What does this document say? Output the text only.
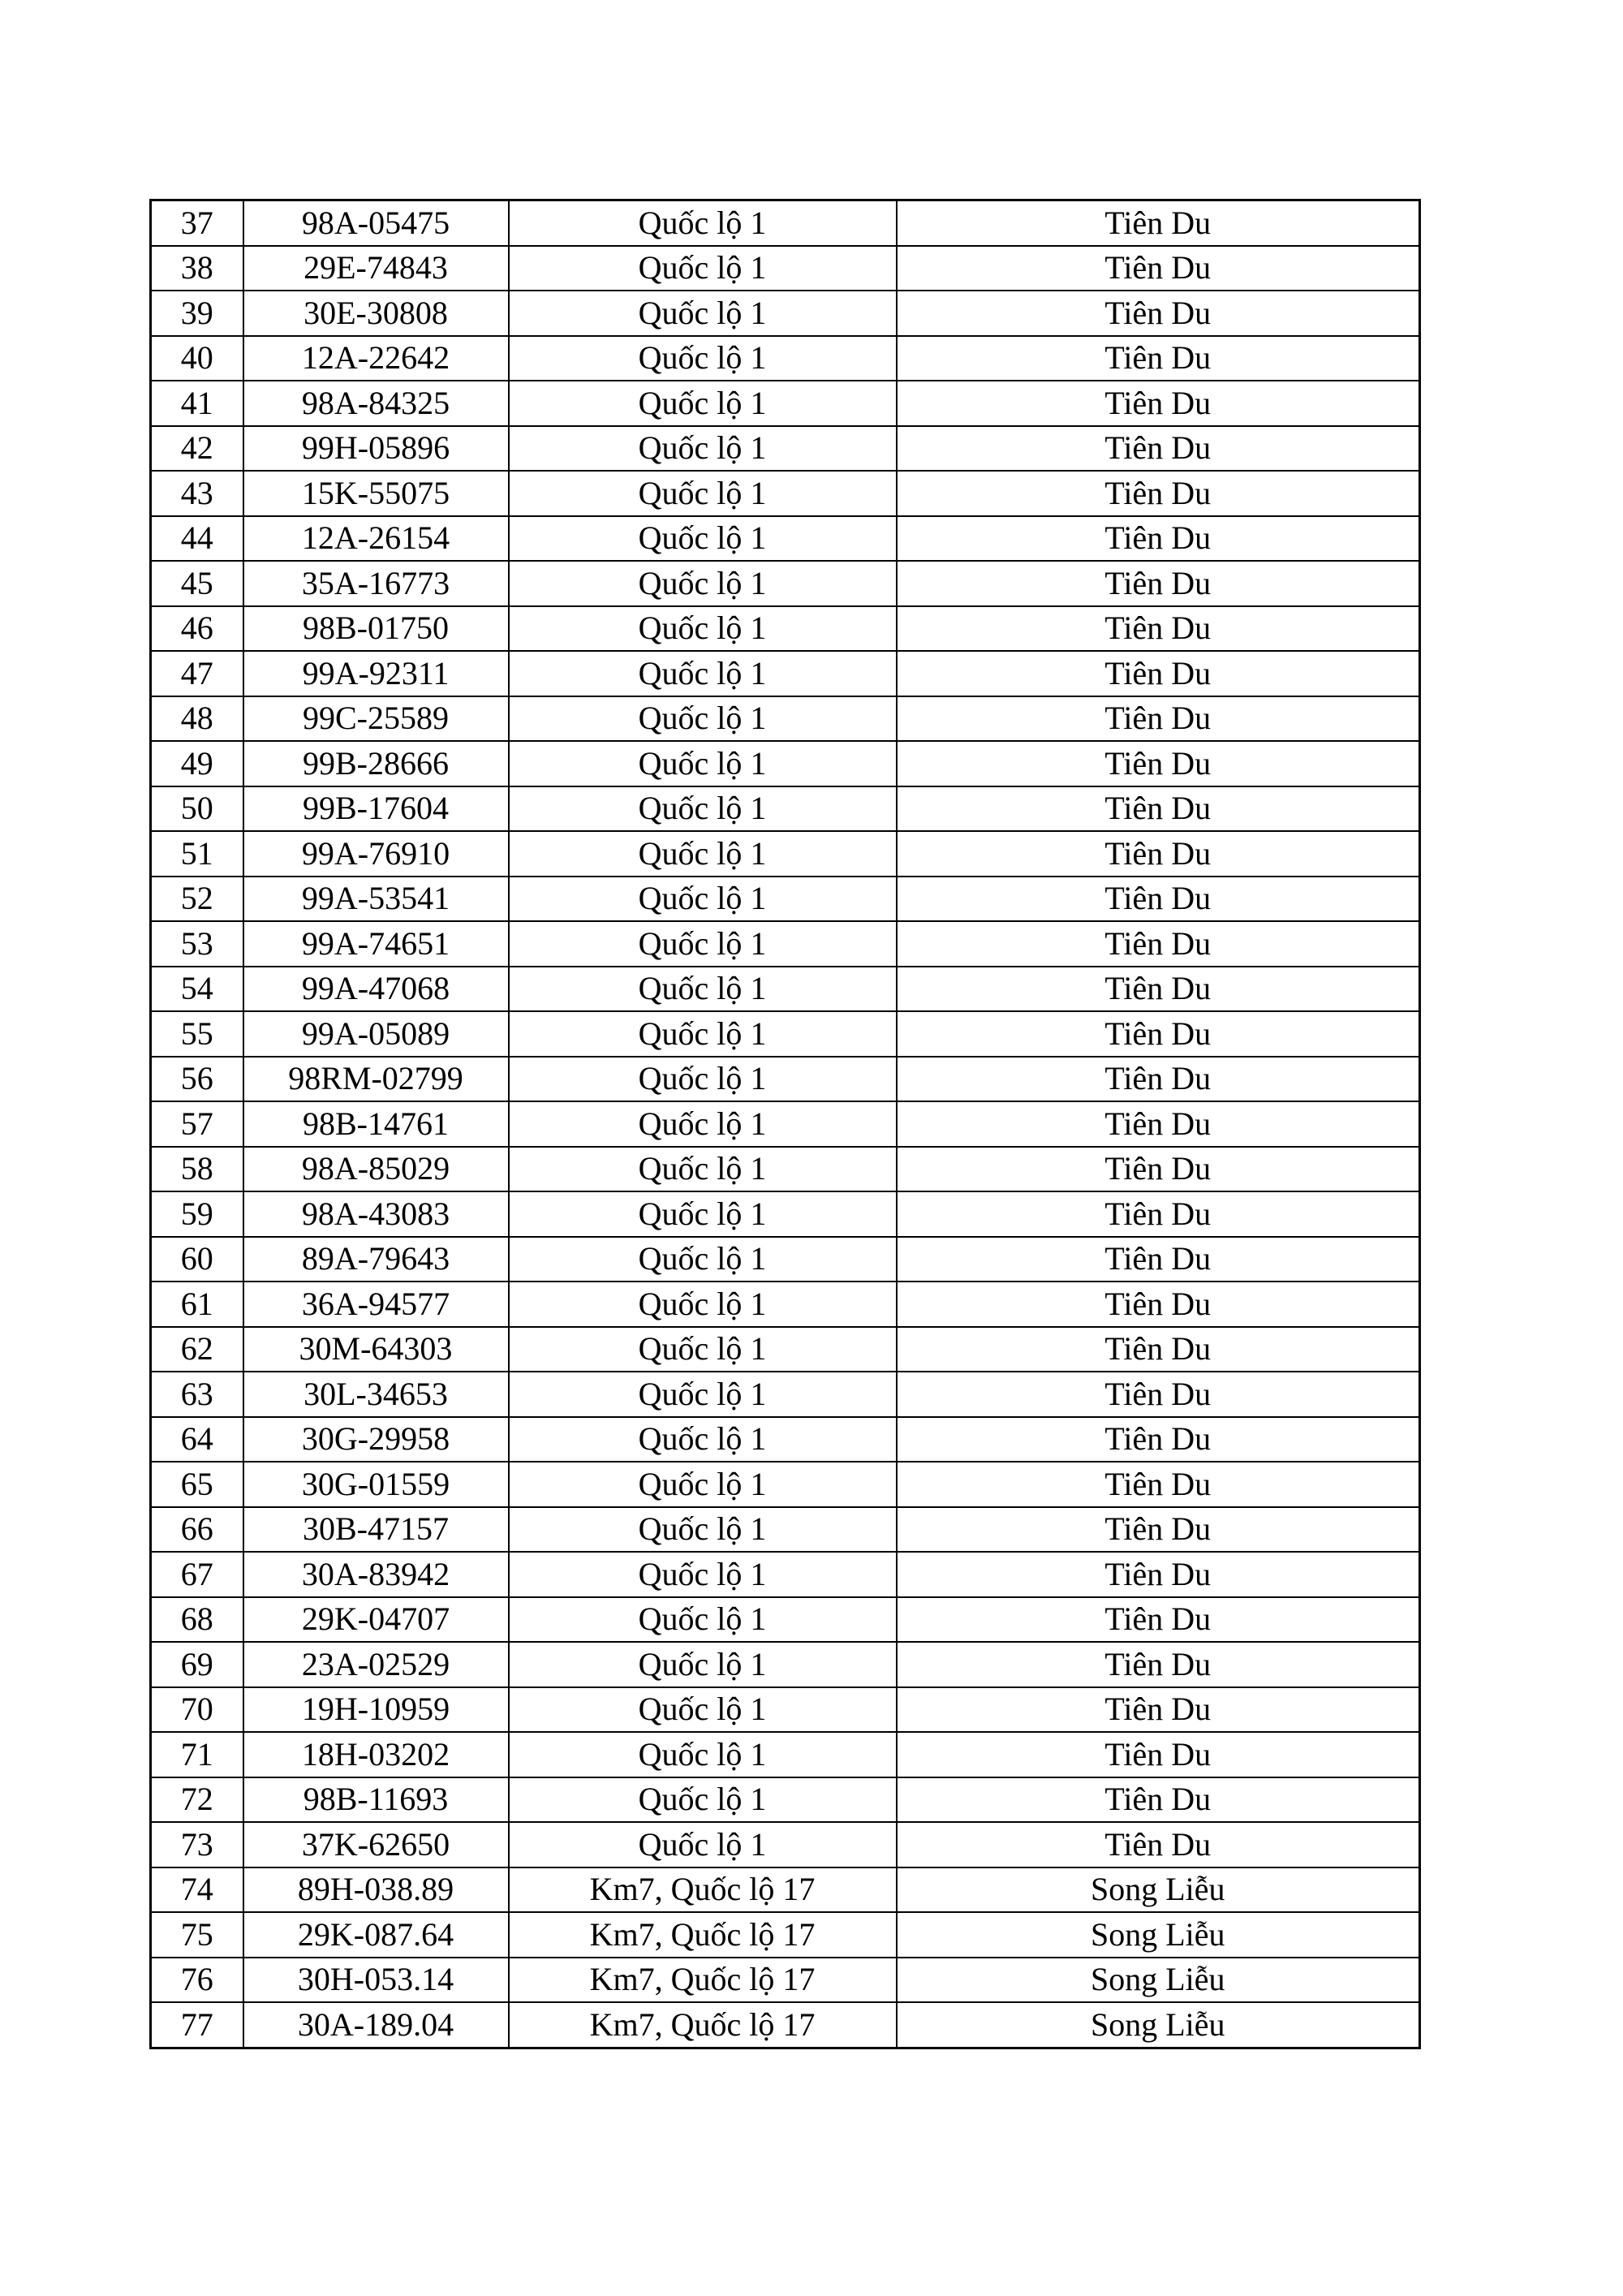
37	98A-05475	Quốc lộ 1	Tiên Du
38	29E-74843	Quốc lộ 1	Tiên Du
39	30E-30808	Quốc lộ 1	Tiên Du
40	12A-22642	Quốc lộ 1	Tiên Du
41	98A-84325	Quốc lộ 1	Tiên Du
42	99H-05896	Quốc lộ 1	Tiên Du
43	15K-55075	Quốc lộ 1	Tiên Du
44	12A-26154	Quốc lộ 1	Tiên Du
45	35A-16773	Quốc lộ 1	Tiên Du
46	98B-01750	Quốc lộ 1	Tiên Du
47	99A-92311	Quốc lộ 1	Tiên Du
48	99C-25589	Quốc lộ 1	Tiên Du
49	99B-28666	Quốc lộ 1	Tiên Du
50	99B-17604	Quốc lộ 1	Tiên Du
51	99A-76910	Quốc lộ 1	Tiên Du
52	99A-53541	Quốc lộ 1	Tiên Du
53	99A-74651	Quốc lộ 1	Tiên Du
54	99A-47068	Quốc lộ 1	Tiên Du
55	99A-05089	Quốc lộ 1	Tiên Du
56	98RM-02799	Quốc lộ 1	Tiên Du
57	98B-14761	Quốc lộ 1	Tiên Du
58	98A-85029	Quốc lộ 1	Tiên Du
59	98A-43083	Quốc lộ 1	Tiên Du
60	89A-79643	Quốc lộ 1	Tiên Du
61	36A-94577	Quốc lộ 1	Tiên Du
62	30M-64303	Quốc lộ 1	Tiên Du
63	30L-34653	Quốc lộ 1	Tiên Du
64	30G-29958	Quốc lộ 1	Tiên Du
65	30G-01559	Quốc lộ 1	Tiên Du
66	30B-47157	Quốc lộ 1	Tiên Du
67	30A-83942	Quốc lộ 1	Tiên Du
68	29K-04707	Quốc lộ 1	Tiên Du
69	23A-02529	Quốc lộ 1	Tiên Du
70	19H-10959	Quốc lộ 1	Tiên Du
71	18H-03202	Quốc lộ 1	Tiên Du
72	98B-11693	Quốc lộ 1	Tiên Du
73	37K-62650	Quốc lộ 1	Tiên Du
74	89H-038.89	Km7, Quốc lộ 17	Song Liễu
75	29K-087.64	Km7, Quốc lộ 17	Song Liễu
76	30H-053.14	Km7, Quốc lộ 17	Song Liễu
77	30A-189.04	Km7, Quốc lộ 17	Song Liễu
